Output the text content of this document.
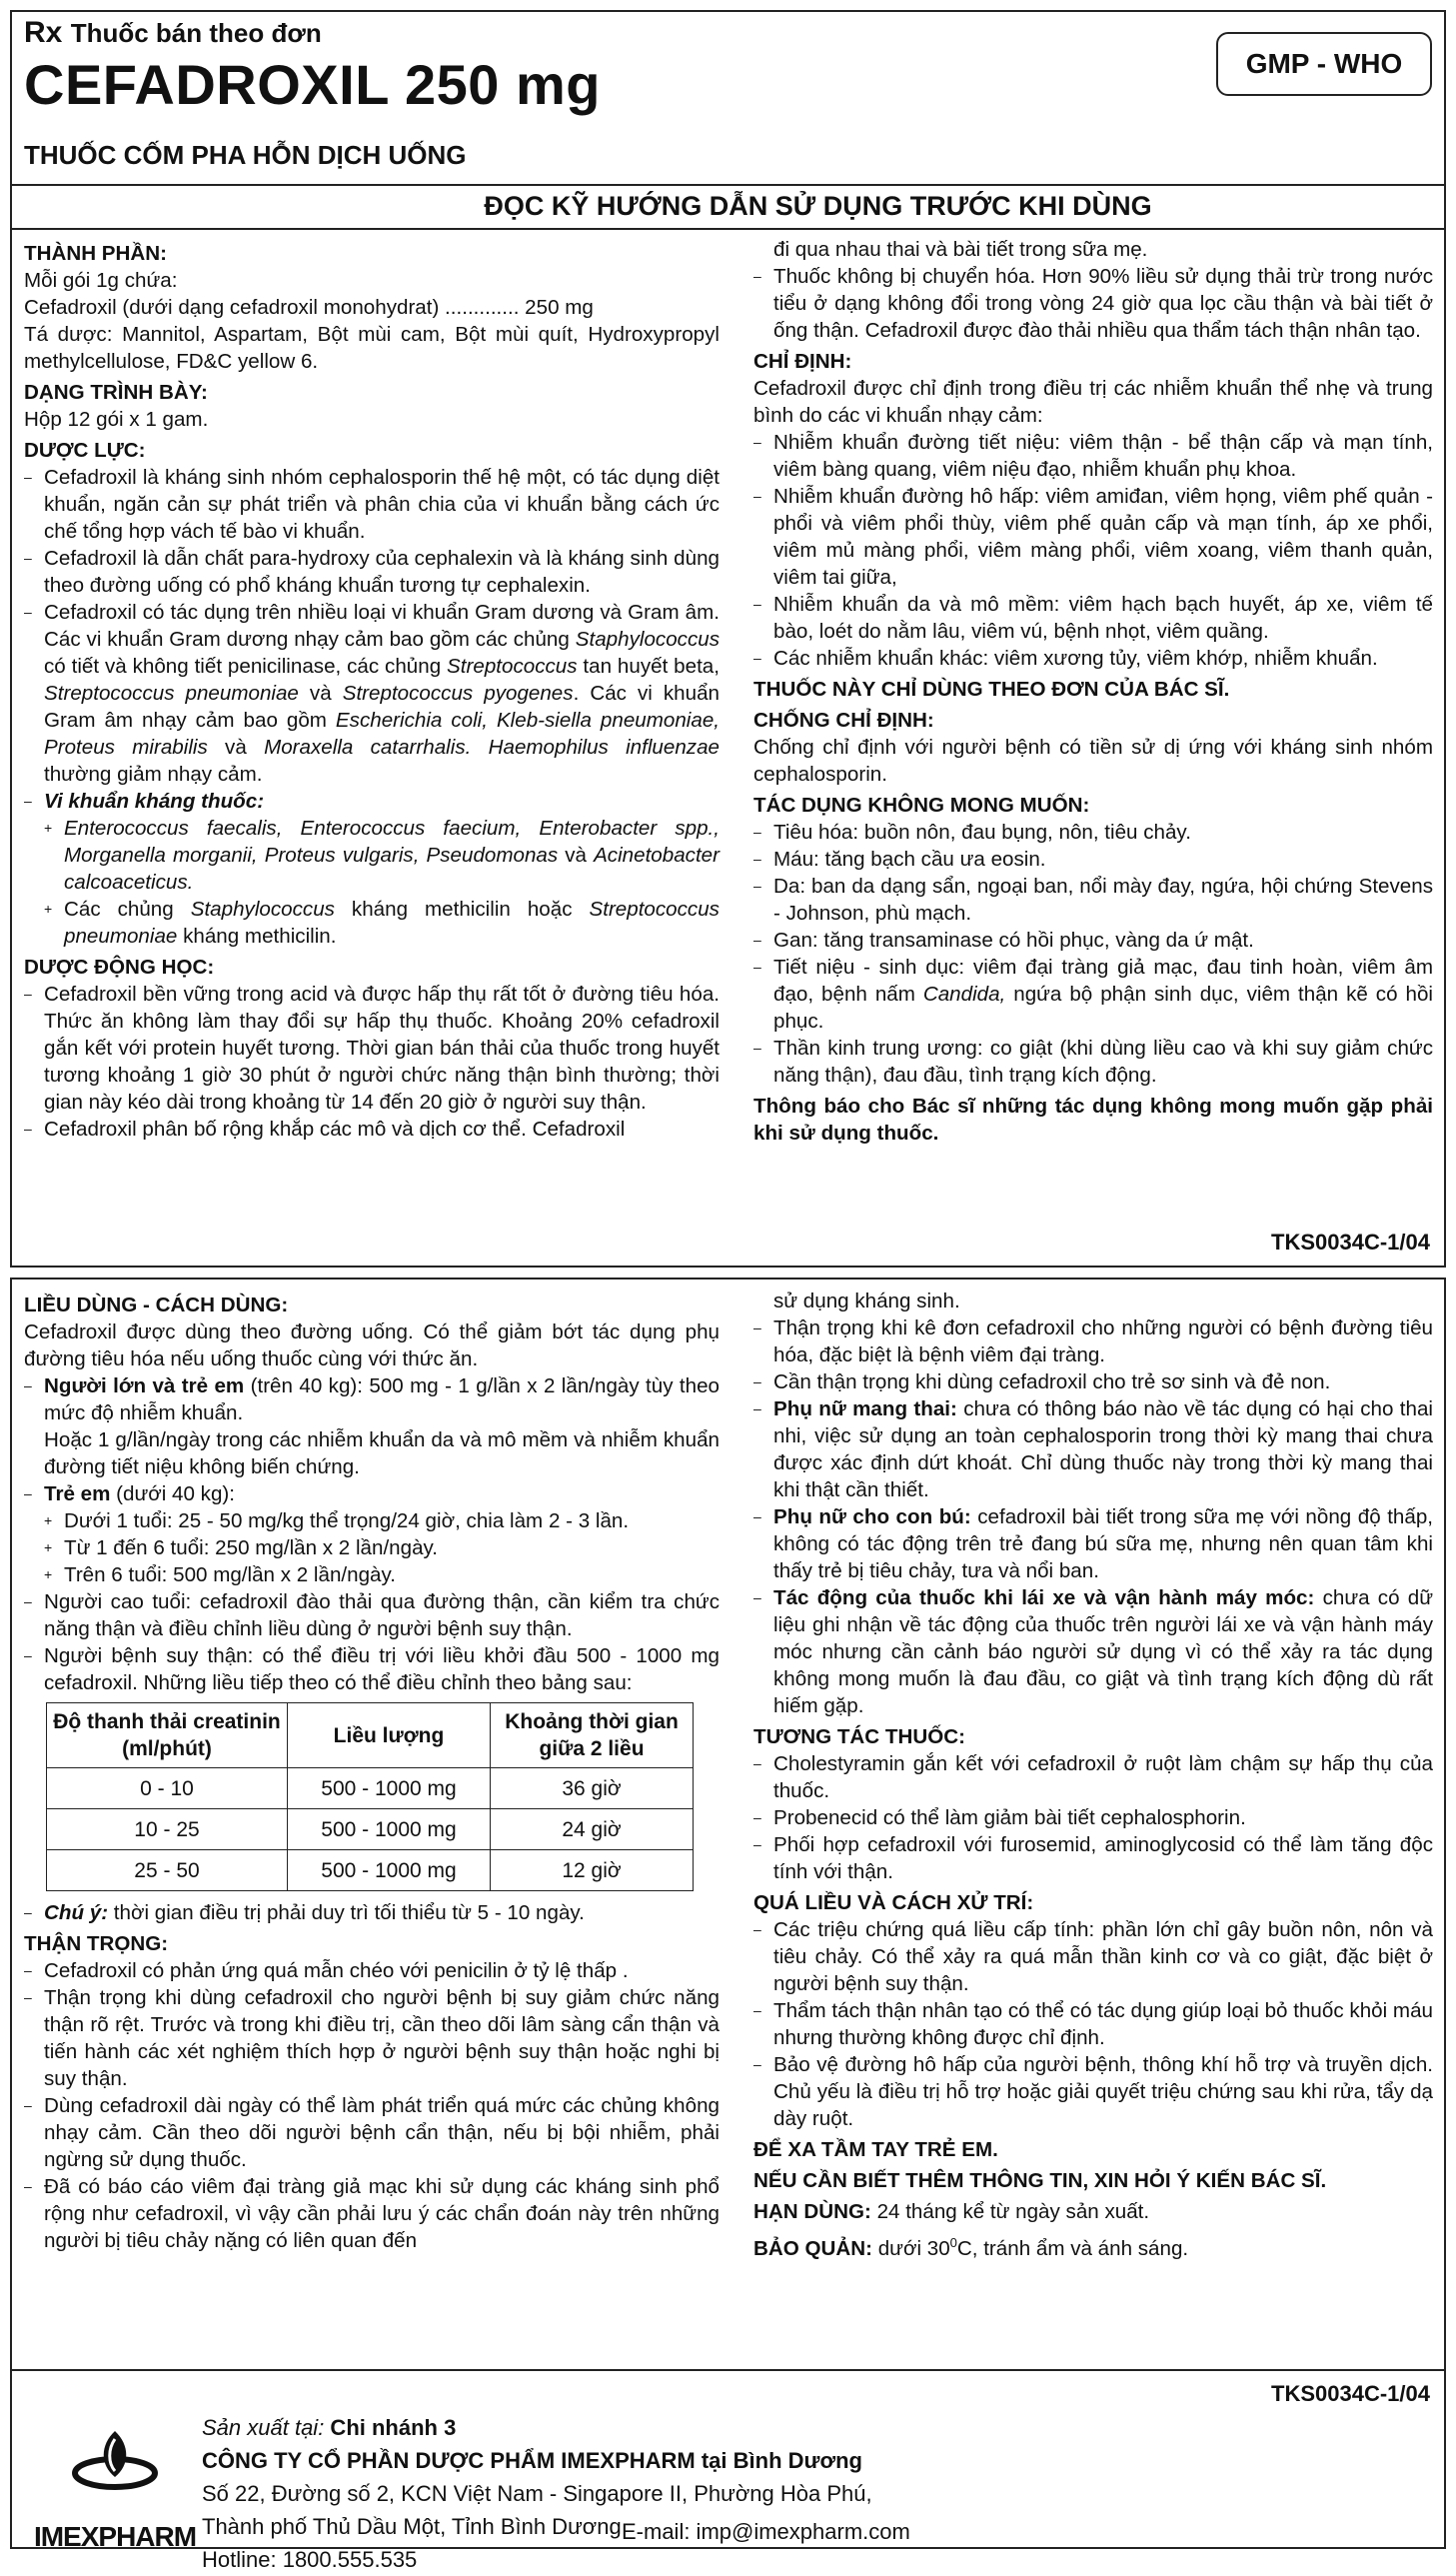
Rx Thuốc bán theo đơn
CEFADROXIL 250 mg
THUỐC CỐM PHA HỖN DỊCH UỐNG
GMP - WHO
ĐỌC KỸ HƯỚNG DẪN SỬ DỤNG TRƯỚC KHI DÙNG

THÀNH PHẦN:

Mỗi gói 1g chứa:

Cefadroxil (dưới dạng cefadroxil monohydrat) ............. 250 mg

Tá dược: Mannitol, Aspartam, Bột mùi cam, Bột mùi quít, Hydroxypropyl methylcellulose, FD&C yellow 6.

DẠNG TRÌNH BÀY:

Hộp 12 gói x 1 gam.

DƯỢC LỰC:

– Cefadroxil là kháng sinh nhóm cephalosporin thế hệ một, có tác dụng diệt khuẩn, ngăn cản sự phát triển và phân chia của vi khuẩn bằng cách ức chế tổng hợp vách tế bào vi khuẩn.
– Cefadroxil là dẫn chất para-hydroxy của cephalexin và là kháng sinh dùng theo đường uống có phổ kháng khuẩn tương tự cephalexin.
– Cefadroxil có tác dụng trên nhiều loại vi khuẩn Gram dương và Gram âm. Các vi khuẩn Gram dương nhạy cảm bao gồm các chủng Staphylococcus có tiết và không tiết penicilinase, các chủng Streptococcus tan huyết beta, Streptococcus pneumoniae và Streptococcus pyogenes. Các vi khuẩn Gram âm nhạy cảm bao gồm Escherichia coli, Kleb-siella pneumoniae, Proteus mirabilis và Moraxella catarrhalis. Haemophilus influenzae thường giảm nhạy cảm.
– Vi khuẩn kháng thuốc:
+ Enterococcus faecalis, Enterococcus faecium, Enterobacter spp., Morganella morganii, Proteus vulgaris, Pseudomonas và Acinetobacter calcoaceticus.
+ Các chủng Staphylococcus kháng methicilin hoặc Streptococcus pneumoniae kháng methicilin.

DƯỢC ĐỘNG HỌC:

– Cefadroxil bền vững trong acid và được hấp thụ rất tốt ở đường tiêu hóa. Thức ăn không làm thay đổi sự hấp thụ thuốc. Khoảng 20% cefadroxil gắn kết với protein huyết tương. Thời gian bán thải của thuốc trong huyết tương khoảng 1 giờ 30 phút ở người chức năng thận bình thường; thời gian này kéo dài trong khoảng từ 14 đến 20 giờ ở người suy thận.
– Cefadroxil phân bố rộng khắp các mô và dịch cơ thể. Cefadroxil

đi qua nhau thai và bài tiết trong sữa mẹ.

– Thuốc không bị chuyển hóa. Hơn 90% liều sử dụng thải trừ trong nước tiểu ở dạng không đổi trong vòng 24 giờ qua lọc cầu thận và bài tiết ở ống thận. Cefadroxil được đào thải nhiều qua thẩm tách thận nhân tạo.

CHỈ ĐỊNH:

Cefadroxil được chỉ định trong điều trị các nhiễm khuẩn thể nhẹ và trung bình do các vi khuẩn nhạy cảm:

– Nhiễm khuẩn đường tiết niệu: viêm thận - bể thận cấp và mạn tính, viêm bàng quang, viêm niệu đạo, nhiễm khuẩn phụ khoa.
– Nhiễm khuẩn đường hô hấp: viêm amiđan, viêm họng, viêm phế quản - phổi và viêm phổi thùy, viêm phế quản cấp và mạn tính, áp xe phổi, viêm mủ màng phổi, viêm màng phổi, viêm xoang, viêm thanh quản, viêm tai giữa,
– Nhiễm khuẩn da và mô mềm: viêm hạch bạch huyết, áp xe, viêm tế bào, loét do nằm lâu, viêm vú, bệnh nhọt, viêm quầng.
– Các nhiễm khuẩn khác: viêm xương tủy, viêm khớp, nhiễm khuẩn.

THUỐC NÀY CHỈ DÙNG THEO ĐƠN CỦA BÁC SĨ.

CHỐNG CHỈ ĐỊNH:

Chống chỉ định với người bệnh có tiền sử dị ứng với kháng sinh nhóm cephalosporin.

TÁC DỤNG KHÔNG MONG MUỐN:

– Tiêu hóa: buồn nôn, đau bụng, nôn, tiêu chảy.
– Máu: tăng bạch cầu ưa eosin.
– Da: ban da dạng sẩn, ngoại ban, nổi mày đay, ngứa, hội chứng Stevens - Johnson, phù mạch.
– Gan: tăng transaminase có hồi phục, vàng da ứ mật.
– Tiết niệu - sinh dục: viêm đại tràng giả mạc, đau tinh hoàn, viêm âm đạo, bệnh nấm Candida, ngứa bộ phận sinh dục, viêm thận kẽ có hồi phục.
– Thần kinh trung ương: co giật (khi dùng liều cao và khi suy giảm chức năng thận), đau đầu, tình trạng kích động.

Thông báo cho Bác sĩ những tác dụng không mong muốn gặp phải khi sử dụng thuốc.

TKS0034C-1/04

LIỀU DÙNG - CÁCH DÙNG:

Cefadroxil được dùng theo đường uống. Có thể giảm bớt tác dụng phụ đường tiêu hóa nếu uống thuốc cùng với thức ăn.

– Người lớn và trẻ em (trên 40 kg): 500 mg - 1 g/lần x 2 lần/ngày tùy theo mức độ nhiễm khuẩn.

Hoặc 1 g/lần/ngày trong các nhiễm khuẩn da và mô mềm và nhiễm khuẩn đường tiết niệu không biến chứng.

– Trẻ em (dưới 40 kg):
+ Dưới 1 tuổi: 25 - 50 mg/kg thể trọng/24 giờ, chia làm 2 - 3 lần.
+ Từ 1 đến 6 tuổi: 250 mg/lần x 2 lần/ngày.
+ Trên 6 tuổi: 500 mg/lần x 2 lần/ngày.
– Người cao tuổi: cefadroxil đào thải qua đường thận, cần kiểm tra chức năng thận và điều chỉnh liều dùng ở người bệnh suy thận.
– Người bệnh suy thận: có thể điều trị với liều khởi đầu 500 - 1000 mg cefadroxil. Những liều tiếp theo có thể điều chỉnh theo bảng sau:
Độ thanh thải creatinin (ml/phút)	Liều lượng	Khoảng thời gian giữa 2 liều
0 - 10	500 - 1000 mg	36 giờ
10 - 25	500 - 1000 mg	24 giờ
25 - 50	500 - 1000 mg	12 giờ
– Chú ý: thời gian điều trị phải duy trì tối thiểu từ 5 - 10 ngày.

THẬN TRỌNG:

– Cefadroxil có phản ứng quá mẫn chéo với penicilin ở tỷ lệ thấp .
– Thận trọng khi dùng cefadroxil cho người bệnh bị suy giảm chức năng thận rõ rệt. Trước và trong khi điều trị, cần theo dõi lâm sàng cẩn thận và tiến hành các xét nghiệm thích hợp ở người bệnh suy thận hoặc nghi bị suy thận.
– Dùng cefadroxil dài ngày có thể làm phát triển quá mức các chủng không nhạy cảm. Cần theo dõi người bệnh cẩn thận, nếu bị bội nhiễm, phải ngừng sử dụng thuốc.
– Đã có báo cáo viêm đại tràng giả mạc khi sử dụng các kháng sinh phổ rộng như cefadroxil, vì vậy cần phải lưu ý các chẩn đoán này trên những người bị tiêu chảy nặng có liên quan đến

sử dụng kháng sinh.

– Thận trọng khi kê đơn cefadroxil cho những người có bệnh đường tiêu hóa, đặc biệt là bệnh viêm đại tràng.
– Cần thận trọng khi dùng cefadroxil cho trẻ sơ sinh và đẻ non.
– Phụ nữ mang thai: chưa có thông báo nào về tác dụng có hại cho thai nhi, việc sử dụng an toàn cephalosporin trong thời kỳ mang thai chưa được xác định dứt khoát. Chỉ dùng thuốc này trong thời kỳ mang thai khi thật cần thiết.
– Phụ nữ cho con bú: cefadroxil bài tiết trong sữa mẹ với nồng độ thấp, không có tác động trên trẻ đang bú sữa mẹ, nhưng nên quan tâm khi thấy trẻ bị tiêu chảy, tưa và nổi ban.
– Tác động của thuốc khi lái xe và vận hành máy móc: chưa có dữ liệu ghi nhận về tác động của thuốc trên người lái xe và vận hành máy móc nhưng cần cảnh báo người sử dụng vì có thể xảy ra tác dụng không mong muốn là đau đầu, co giật và tình trạng kích động dù rất hiếm gặp.

TƯƠNG TÁC THUỐC:

– Cholestyramin gắn kết với cefadroxil ở ruột làm chậm sự hấp thụ của thuốc.
– Probenecid có thể làm giảm bài tiết cephalosphorin.
– Phối hợp cefadroxil với furosemid, aminoglycosid có thể làm tăng độc tính với thận.

QUÁ LIỀU VÀ CÁCH XỬ TRÍ:

– Các triệu chứng quá liều cấp tính: phần lớn chỉ gây buồn nôn, nôn và tiêu chảy. Có thể xảy ra quá mẫn thần kinh cơ và co giật, đặc biệt ở người bệnh suy thận.
– Thẩm tách thận nhân tạo có thể có tác dụng giúp loại bỏ thuốc khỏi máu nhưng thường không được chỉ định.
– Bảo vệ đường hô hấp của người bệnh, thông khí hỗ trợ và truyền dịch. Chủ yếu là điều trị hỗ trợ hoặc giải quyết triệu chứng sau khi rửa, tẩy dạ dày ruột.

ĐỂ XA TẦM TAY TRẺ EM.

NẾU CẦN BIẾT THÊM THÔNG TIN, XIN HỎI Ý KIẾN BÁC SĨ.

HẠN DÙNG: 24 tháng kể từ ngày sản xuất.

BẢO QUẢN: dưới $30^0C$, tránh ẩm và ánh sáng.

TKS0034C-1/04
IMEXPHARM
Sản xuất tại: Chi nhánh 3
CÔNG TY CỔ PHẦN DƯỢC PHẨM IMEXPHARM tại Bình Dương
Số 22, Đường số 2, KCN Việt Nam - Singapore II, Phường Hòa Phú,
Thành phố Thủ Dầu Một, Tỉnh Bình Dương
Hotline: 1800.555.535
E-mail: imp@imexpharm.com
